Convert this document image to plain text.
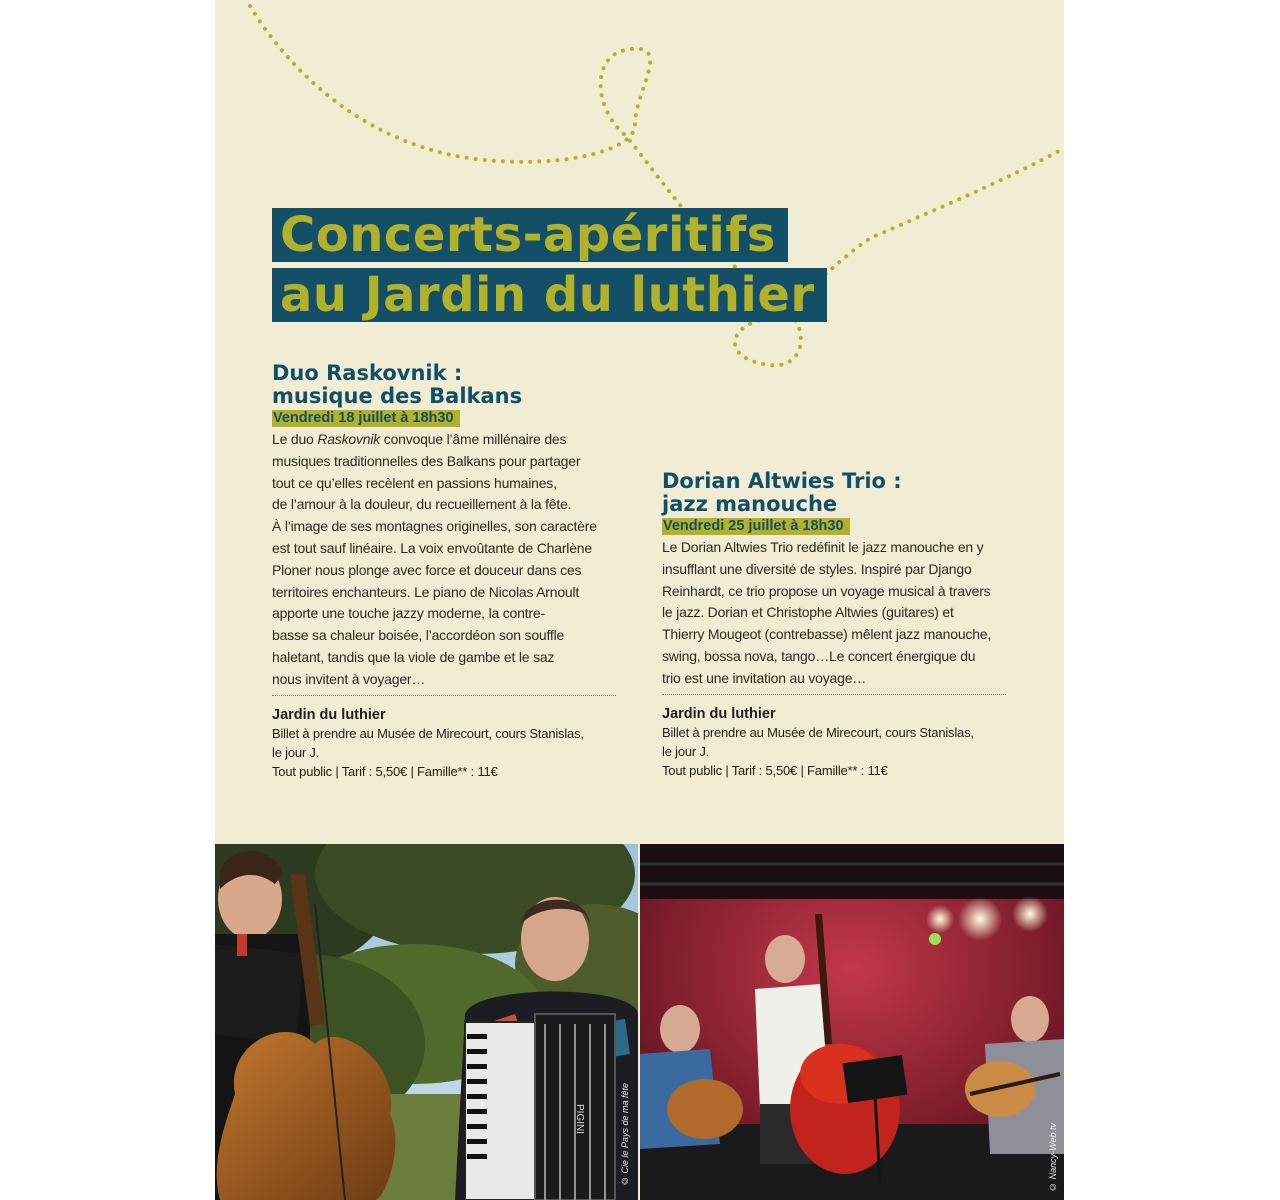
Concerts-apéritifs
au Jardin du luthier
Duo Raskovnik :
musique des Balkans
Vendredi 18 juillet à 18h30
Le duo Raskovnik convoque l’âme millénaire des
musiques traditionnelles des Balkans pour partager
tout ce qu’elles recèlent en passions humaines,
de l’amour à la douleur, du recueillement à la fête.
À l’image de ses montagnes originelles, son caractère
est tout sauf linéaire. La voix envoûtante de Charlène
Ploner nous plonge avec force et douceur dans ces
territoires enchanteurs. Le piano de Nicolas Arnoult
apporte une touche jazzy moderne, la contre-
basse sa chaleur boisée, l’accordéon son souffle
haletant, tandis que la viole de gambe et le saz
nous invitent à voyager…
Jardin du luthier
Billet à prendre au Musée de Mirecourt, cours Stanislas,
le jour J.
Tout public | Tarif : 5,50€ | Famille** : 11€
Dorian Altwies Trio :
jazz manouche
Vendredi 25 juillet à 18h30
Le Dorian Altwies Trio redéfinit le jazz manouche en y
insufflant une diversité de styles. Inspiré par Django
Reinhardt, ce trio propose un voyage musical à travers
le jazz. Dorian et Christophe Altwies (guitares) et
Thierry Mougeot (contrebasse) mêlent jazz manouche,
swing, bossa nova, tango…Le concert énergique du
trio est une invitation au voyage…
Jardin du luthier
Billet à prendre au Musée de Mirecourt, cours Stanislas,
le jour J.
Tout public | Tarif : 5,50€ | Famille** : 11€
PIGINI	© Cie le Pays de ma fête	© Nancy-Web.tv
